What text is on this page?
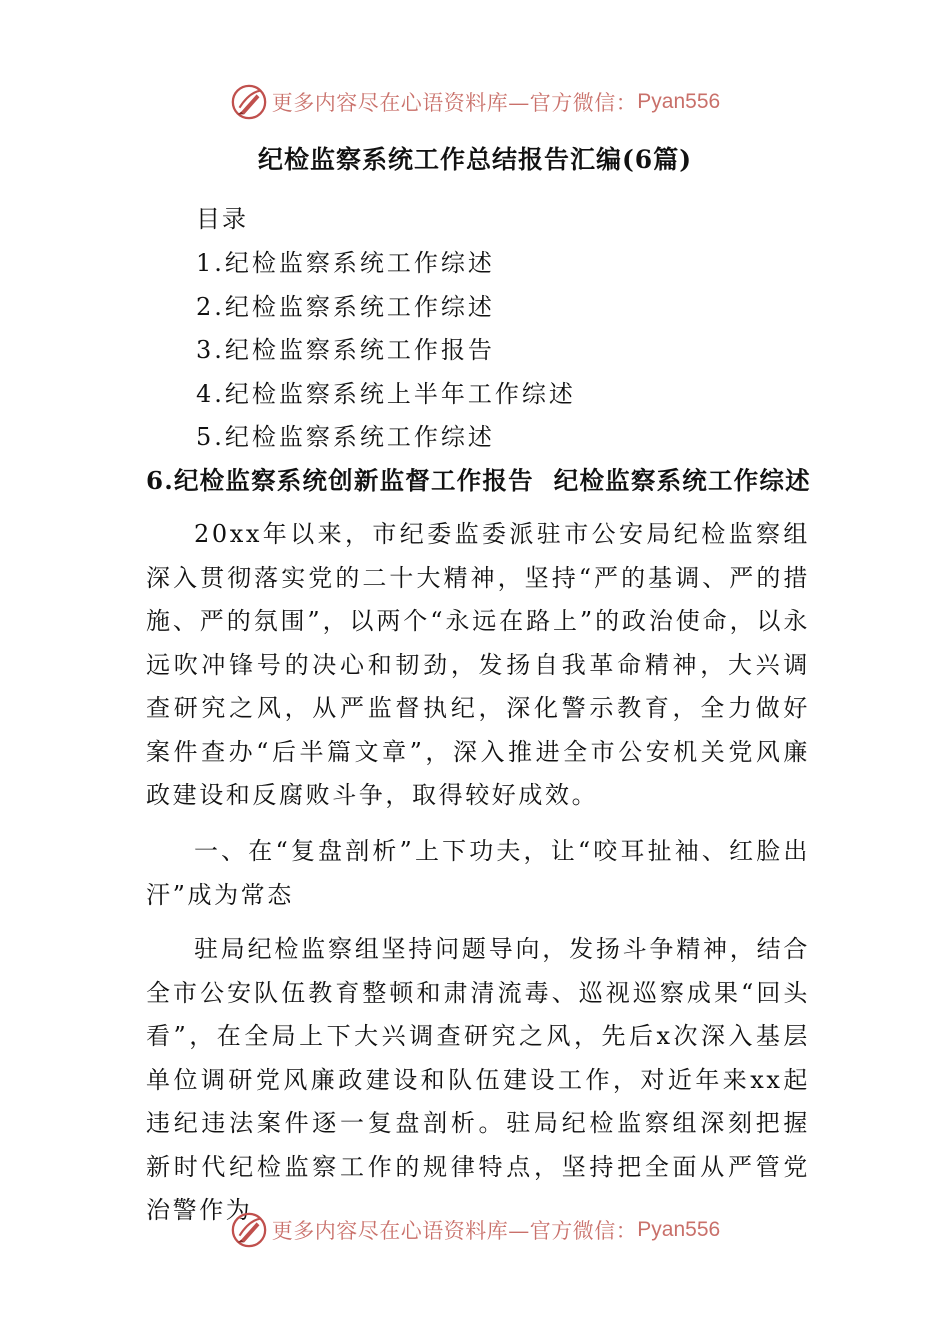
更多内容尽在心语资料库—官方微信： Pyan556
纪检监察系统工作总结报告汇编(6篇)
目录
1.纪检监察系统工作综述
2.纪检监察系统工作综述
3.纪检监察系统工作报告
4.纪检监察系统上半年工作综述
5.纪检监察系统工作综述
6.纪检监察系统创新监督工作报告 纪检监察系统工作综述

20xx年以来，市纪委监委派驻市公安局纪检监察组深入贯彻落实党的二十大精神，坚持“严的基调、严的措施、严的氛围”，以两个“永远在路上”的政治使命，以永远吹冲锋号的决心和韧劲，发扬自我革命精神，大兴调查研究之风，从严监督执纪，深化警示教育，全力做好案件查办“后半篇文章”，深入推进全市公安机关党风廉政建设和反腐败斗争，取得较好成效。

一、在“复盘剖析”上下功夫，让“咬耳扯袖、红脸出汗”成为常态

驻局纪检监察组坚持问题导向，发扬斗争精神，结合全市公安队伍教育整顿和肃清流毒、巡视巡察成果“回头看”，在全局上下大兴调查研究之风，先后x次深入基层单位调研党风廉政建设和队伍建设工作，对近年来xx起违纪违法案件逐一复盘剖析。驻局纪检监察组深刻把握新时代纪检监察工作的规律特点，坚持把全面从严管党治警作为

更多内容尽在心语资料库—官方微信： Pyan556
